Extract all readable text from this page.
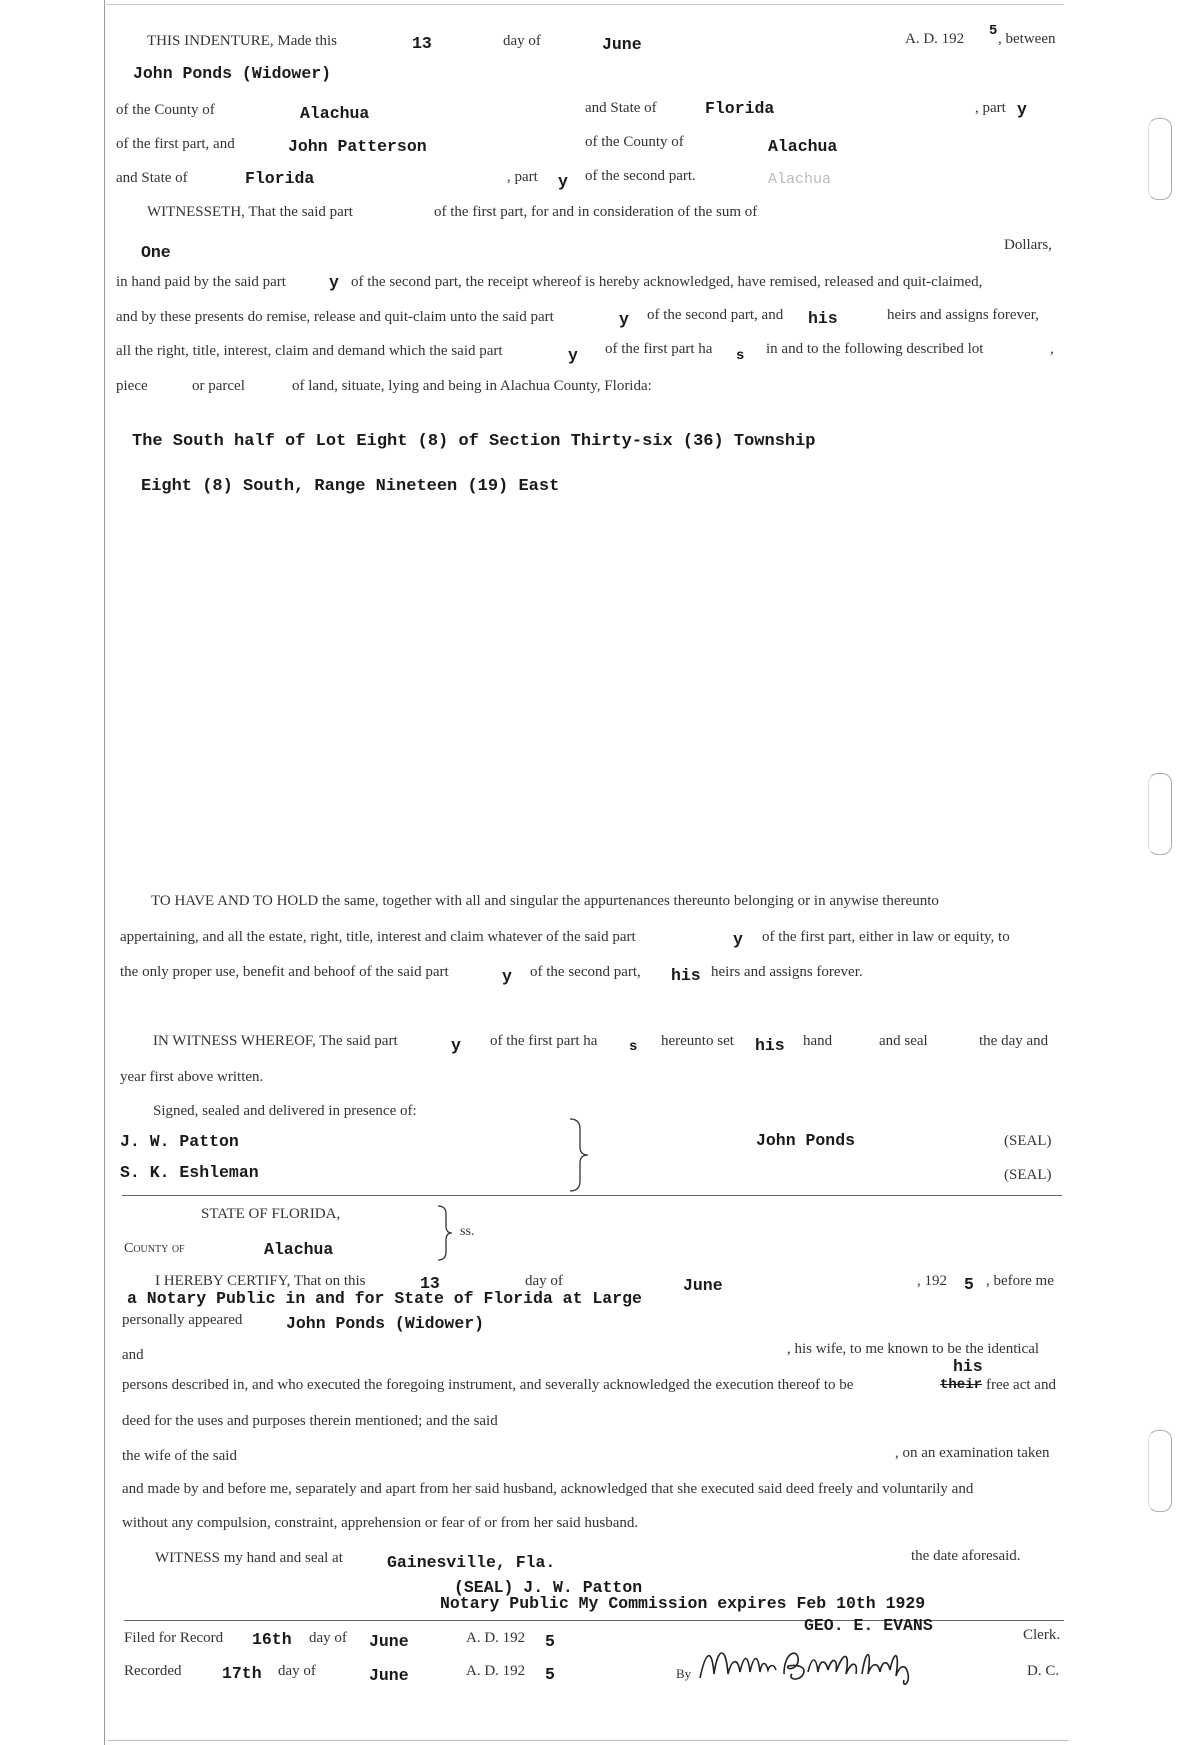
THIS INDENTURE, Made this	13	day of	June	A. D. 192 5 , between
John Ponds (Widower)
of the County of	Alachua	and State of	Florida	, part y
of the first part, and	John Patterson	of the County of	Alachua
and State of	Florida	, part y of the second part.	Alachua
WITNESSETH, That the said part	of the first part, for and in consideration of the sum of
One	Dollars,
in hand paid by the said part	y of the second part, the receipt whereof is hereby acknowledged, have remised, released and quit-claimed,
and by these presents do remise, release and quit-claim unto the said part	y of the second part, and his	heirs and assigns forever,
all the right, title, interest, claim and demand which the said part	y of the first part ha s in and to the following described lot	,
piece	or parcel	of land, situate, lying and being in Alachua County, Florida:
The South half of Lot Eight (8) of Section Thirty-six (36) Township
Eight (8) South, Range Nineteen (19) East
TO HAVE AND TO HOLD the same, together with all and singular the appurtenances thereunto belonging or in anywise thereunto
appertaining, and all the estate, right, title, interest and claim whatever of the said part	y of the first part, either in law or equity, to
the only proper use, benefit and behoof of the said part	y of the second part, his heirs and assigns forever.
IN WITNESS WHEREOF, The said part	y of the first part ha s hereunto set his hand	and seal	the day and
year first above written.
Signed, sealed and delivered in presence of:
J. W. Patton
S. K. Eshleman
John Ponds	(SEAL)
(SEAL)
STATE OF FLORIDA,
County of	Alachua
ss.
I HEREBY CERTIFY, That on this	13	day of	June	, 192 5 , before me
a Notary Public in and for State of Florida at Large
personally appeared	John Ponds (Widower)
and	, his wife, to me known to be the identical
his
persons described in, and who executed the foregoing instrument, and severally acknowledged the execution thereof to be	their free act and
deed for the uses and purposes therein mentioned; and the said
the wife of the said	, on an examination taken
and made by and before me, separately and apart from her said husband, acknowledged that she executed said deed freely and voluntarily and
without any compulsion, constraint, apprehension or fear of or from her said husband.
WITNESS my hand and seal at	Gainesville, Fla.	the date aforesaid.
(SEAL) J. W. Patton
Notary Public My Commission expires Feb 10th 1929
Filed for Record 16th day of June	A. D. 192 5
GEO. E. EVANS	Clerk.
Recorded 17th day of	June	A. D. 192 5	By	D. C.
